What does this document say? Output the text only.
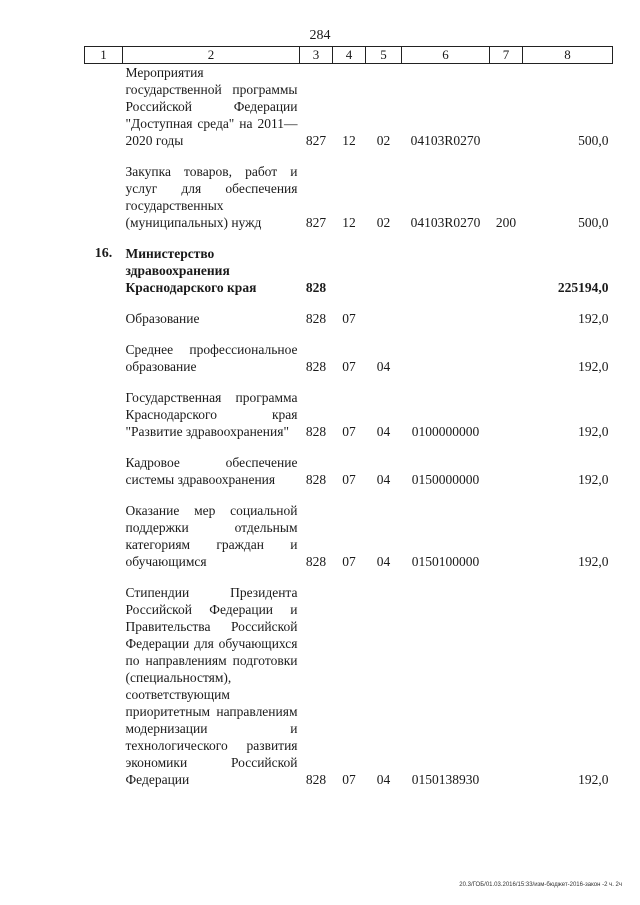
284
1	2	3	4	5	6	7	8
	Мероприятия государственной программы Российской Федерации "Доступная среда" на 2011—2020 годы	827	12	02	04103R0270		500,0

	Закупка товаров, работ и услуг для обеспечения государственных (муниципальных) нужд	827	12	02	04103R0270	200	500,0

16.	Министерство здравоохранения Краснодарского края	828					225194,0

	Образование	828	07				192,0

	Среднее профессиональное образование	828	07	04			192,0

	Государственная программа Краснодарского края "Развитие здравоохранения"	828	07	04	0100000000		192,0

	Кадровое обеспечение системы здравоохранения	828	07	04	0150000000		192,0

	Оказание мер социальной поддержки отдельным категориям граждан и обучающимся	828	07	04	0150100000		192,0

	Стипендии Президента Российской Федерации и Правительства Российской Федерации для обучающихся по направлениям подготовки (специальностям), соответствующим приоритетным направлениям модернизации и технологического развития экономики Российской Федерации	828	07	04	0150138930		192,0
20.3/ГОБ/01.03.2016/15:33/изм-бюджет-2016-закон -2 ч. 2ч
